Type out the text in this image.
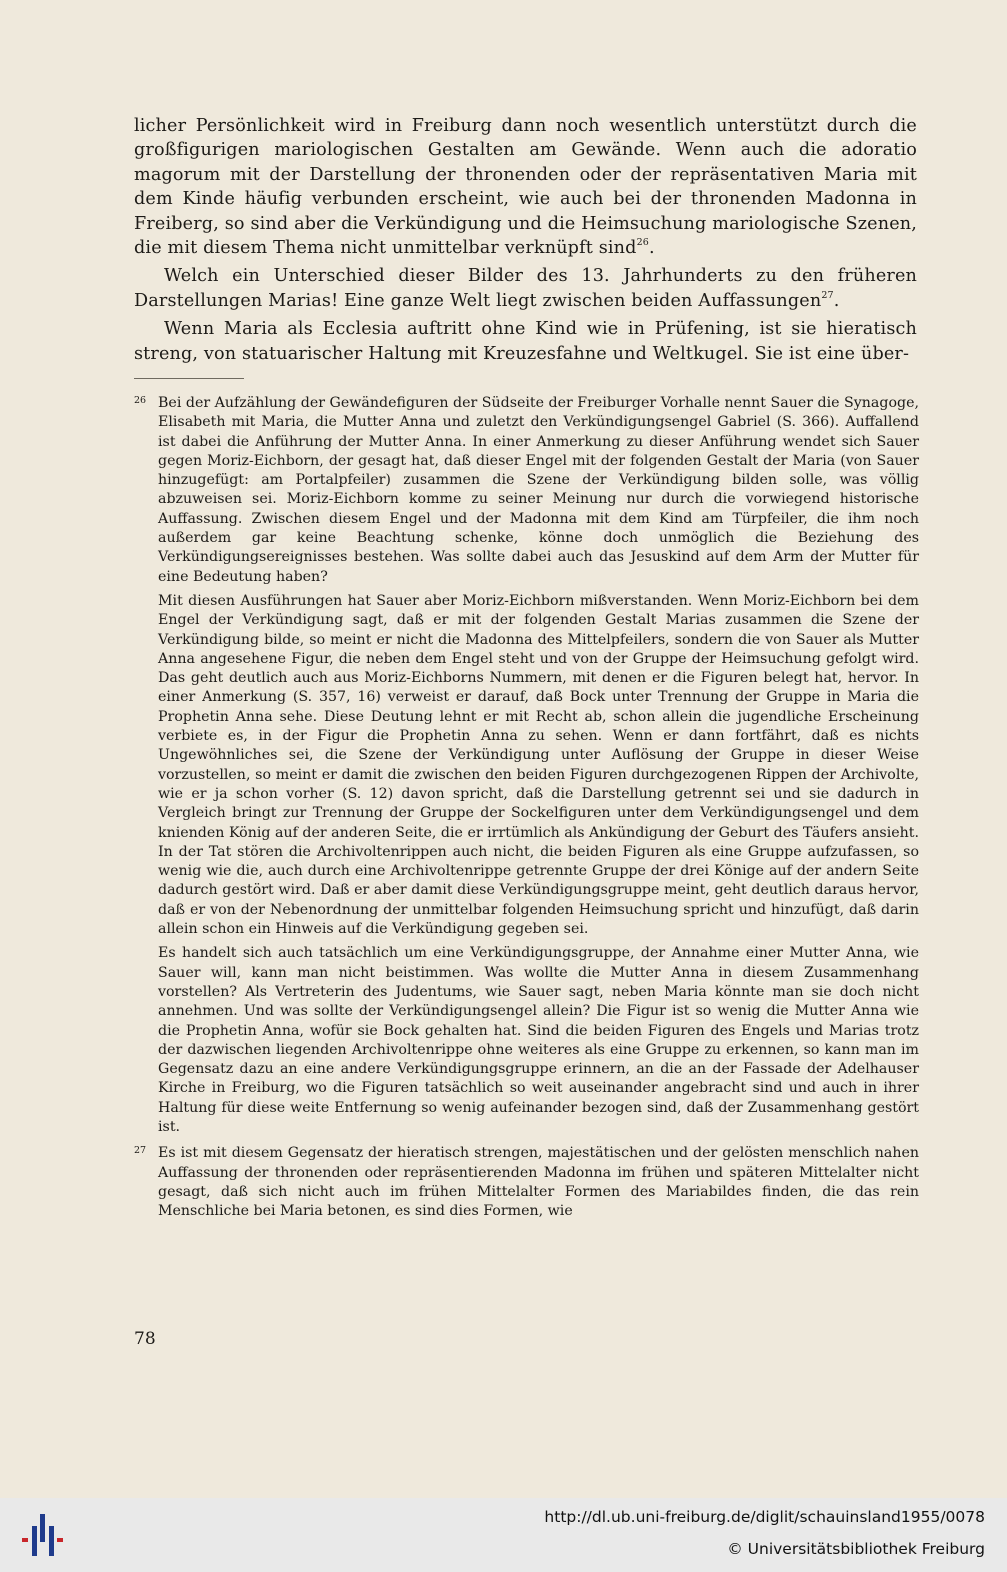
licher Persönlichkeit wird in Freiburg dann noch wesentlich unterstützt durch die großfigurigen mariologischen Gestalten am Gewände. Wenn auch die adoratio magorum mit der Darstellung der thronenden oder der repräsentativen Maria mit dem Kinde häufig verbunden erscheint, wie auch bei der thronenden Madonna in Freiberg, so sind aber die Verkündigung und die Heimsuchung mariologische Szenen, die mit diesem Thema nicht unmittelbar verknüpft sind$^{26}$.

Welch ein Unterschied dieser Bilder des 13. Jahrhunderts zu den früheren Darstellungen Marias! Eine ganze Welt liegt zwischen beiden Auffassungen$^{27}$.

Wenn Maria als Ecclesia auftritt ohne Kind wie in Prüfening, ist sie hieratisch streng, von statuarischer Haltung mit Kreuzesfahne und Weltkugel. Sie ist eine über-

26 Bei der Aufzählung der Gewändefiguren der Südseite der Freiburger Vorhalle nennt Sauer die Synagoge, Elisabeth mit Maria, die Mutter Anna und zuletzt den Verkündigungsengel Gabriel (S. 366). Auffallend ist dabei die Anführung der Mutter Anna. In einer Anmerkung zu dieser Anführung wendet sich Sauer gegen Moriz-Eichborn, der gesagt hat, daß dieser Engel mit der folgenden Gestalt der Maria (von Sauer hinzugefügt: am Portalpfeiler) zusammen die Szene der Verkündigung bilden solle, was völlig abzuweisen sei. Moriz-Eichborn komme zu seiner Meinung nur durch die vorwiegend historische Auffassung. Zwischen diesem Engel und der Madonna mit dem Kind am Türpfeiler, die ihm noch außerdem gar keine Beachtung schenke, könne doch unmöglich die Beziehung des Verkündigungsereignisses bestehen. Was sollte dabei auch das Jesuskind auf dem Arm der Mutter für eine Bedeutung haben?

Mit diesen Ausführungen hat Sauer aber Moriz-Eichborn mißverstanden. Wenn Moriz-Eichborn bei dem Engel der Verkündigung sagt, daß er mit der folgenden Gestalt Marias zusammen die Szene der Verkündigung bilde, so meint er nicht die Madonna des Mittelpfeilers, sondern die von Sauer als Mutter Anna angesehene Figur, die neben dem Engel steht und von der Gruppe der Heimsuchung gefolgt wird. Das geht deutlich auch aus Moriz-Eichborns Nummern, mit denen er die Figuren belegt hat, hervor. In einer Anmerkung (S. 357, 16) verweist er darauf, daß Bock unter Trennung der Gruppe in Maria die Prophetin Anna sehe. Diese Deutung lehnt er mit Recht ab, schon allein die jugendliche Erscheinung verbiete es, in der Figur die Prophetin Anna zu sehen. Wenn er dann fortfährt, daß es nichts Ungewöhnliches sei, die Szene der Verkündigung unter Auflösung der Gruppe in dieser Weise vorzustellen, so meint er damit die zwischen den beiden Figuren durchgezogenen Rippen der Archivolte, wie er ja schon vorher (S. 12) davon spricht, daß die Darstellung getrennt sei und sie dadurch in Vergleich bringt zur Trennung der Gruppe der Sockelfiguren unter dem Verkündigungsengel und dem knienden König auf der anderen Seite, die er irrtümlich als Ankündigung der Geburt des Täufers ansieht. In der Tat stören die Archivoltenrippen auch nicht, die beiden Figuren als eine Gruppe aufzufassen, so wenig wie die, auch durch eine Archivoltenrippe getrennte Gruppe der drei Könige auf der andern Seite dadurch gestört wird. Daß er aber damit diese Verkündigungsgruppe meint, geht deutlich daraus hervor, daß er von der Nebenordnung der unmittelbar folgenden Heimsuchung spricht und hinzufügt, daß darin allein schon ein Hinweis auf die Verkündigung gegeben sei.

Es handelt sich auch tatsächlich um eine Verkündigungsgruppe, der Annahme einer Mutter Anna, wie Sauer will, kann man nicht beistimmen. Was wollte die Mutter Anna in diesem Zusammenhang vorstellen? Als Vertreterin des Judentums, wie Sauer sagt, neben Maria könnte man sie doch nicht annehmen. Und was sollte der Verkündigungsengel allein? Die Figur ist so wenig die Mutter Anna wie die Prophetin Anna, wofür sie Bock gehalten hat. Sind die beiden Figuren des Engels und Marias trotz der dazwischen liegenden Archivoltenrippe ohne weiteres als eine Gruppe zu erkennen, so kann man im Gegensatz dazu an eine andere Verkündigungsgruppe erinnern, an die an der Fassade der Adelhauser Kirche in Freiburg, wo die Figuren tatsächlich so weit auseinander angebracht sind und auch in ihrer Haltung für diese weite Entfernung so wenig aufeinander bezogen sind, daß der Zusammenhang gestört ist.

27 Es ist mit diesem Gegensatz der hieratisch strengen, majestätischen und der gelösten menschlich nahen Auffassung der thronenden oder repräsentierenden Madonna im frühen und späteren Mittelalter nicht gesagt, daß sich nicht auch im frühen Mittelalter Formen des Mariabildes finden, die das rein Menschliche bei Maria betonen, es sind dies Formen, wie

78
http://dl.ub.uni-freiburg.de/diglit/schauinsland1955/0078
© Universitätsbibliothek Freiburg
